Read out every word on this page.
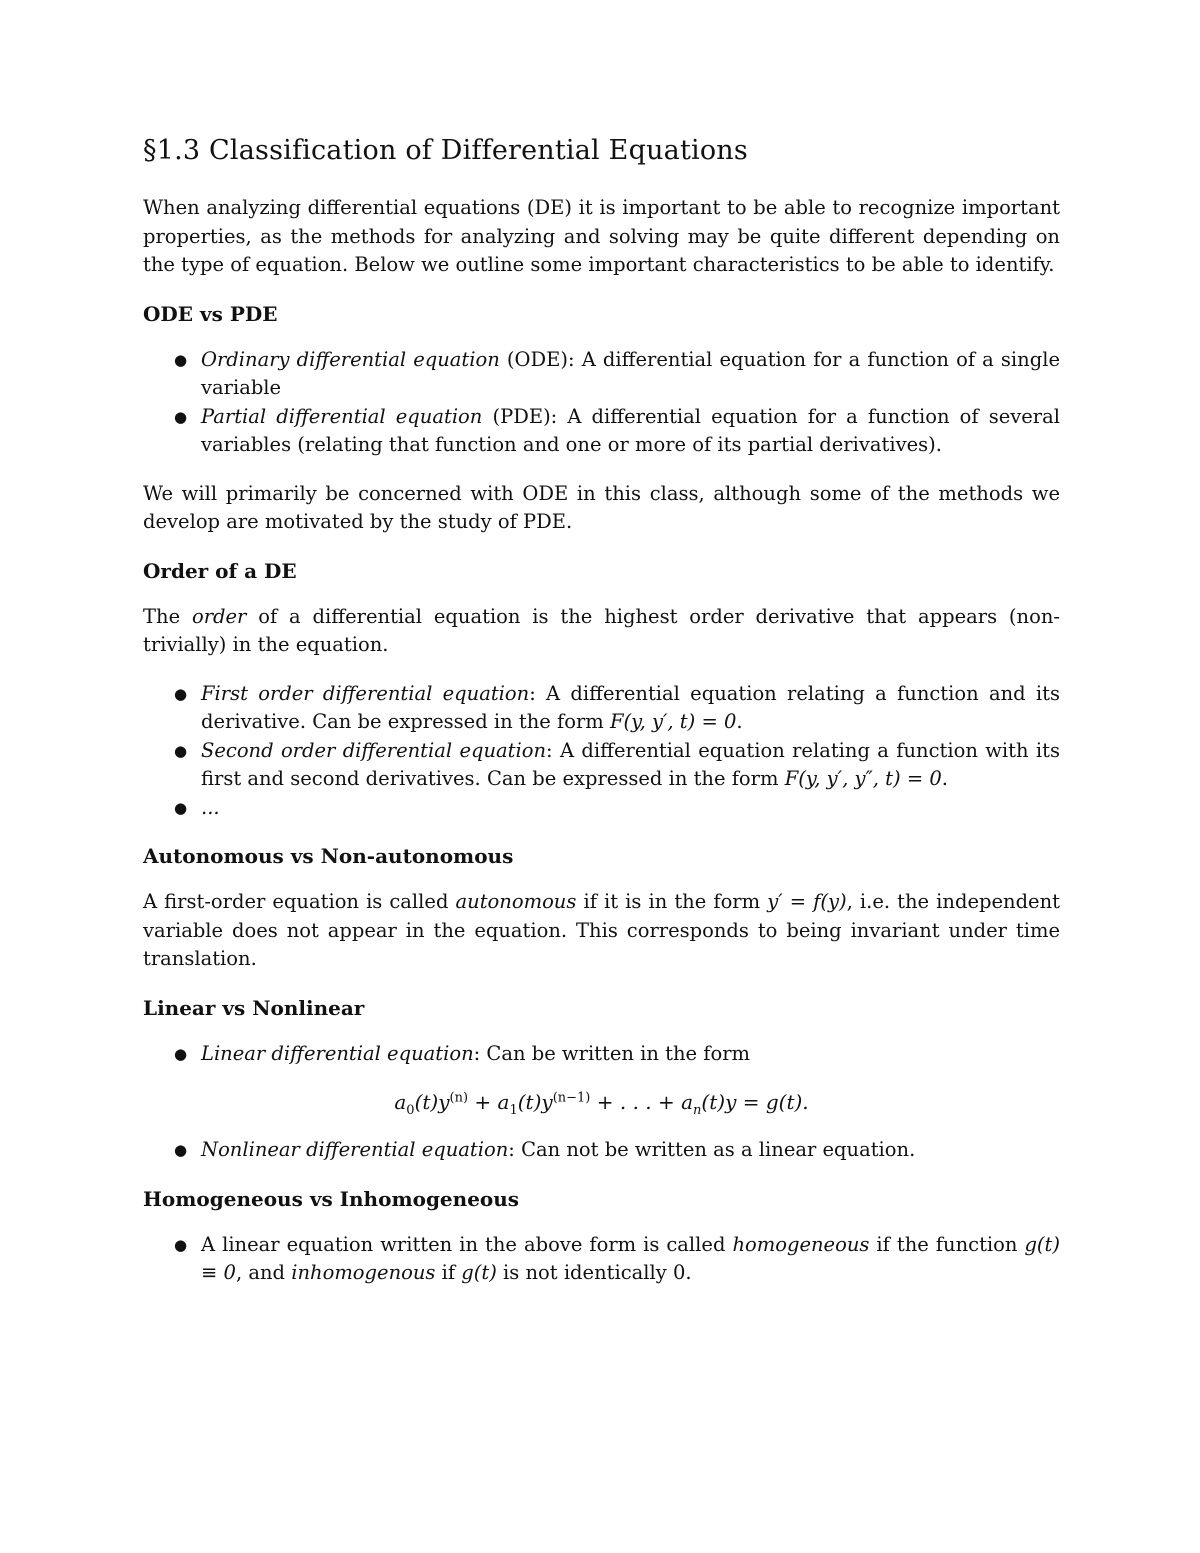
§1.3 Classification of Differential Equations

When analyzing differential equations (DE) it is important to be able to recognize important properties, as the methods for analyzing and solving may be quite different depending on the type of equation. Below we outline some important characteristics to be able to identify.

ODE vs PDE
● Ordinary differential equation (ODE): A differential equation for a function of a single variable
● Partial differential equation (PDE): A differential equation for a function of several variables (relating that function and one or more of its partial derivatives).

We will primarily be concerned with ODE in this class, although some of the methods we develop are motivated by the study of PDE.

Order of a DE

The order of a differential equation is the highest order derivative that appears (non-trivially) in the equation.

● First order differential equation: A differential equation relating a function and its derivative. Can be expressed in the form F(y, y′, t) = 0.
● Second order differential equation: A differential equation relating a function with its first and second derivatives. Can be expressed in the form F(y, y′, y″, t) = 0.
● ...
Autonomous vs Non-autonomous

A first-order equation is called autonomous if it is in the form y′ = f(y), i.e. the independent variable does not appear in the equation. This corresponds to being invariant under time translation.

Linear vs Nonlinear
● Linear differential equation: Can be written in the form
$a_0(t)y^{(n)} + a_1(t)y^{(n-1)}$ + . . . + $a_n(t)y = g(t)$.
● Nonlinear differential equation: Can not be written as a linear equation.
Homogeneous vs Inhomogeneous
● A linear equation written in the above form is called homogeneous if the function g(t) ≡ 0, and inhomogenous if g(t) is not identically 0.
